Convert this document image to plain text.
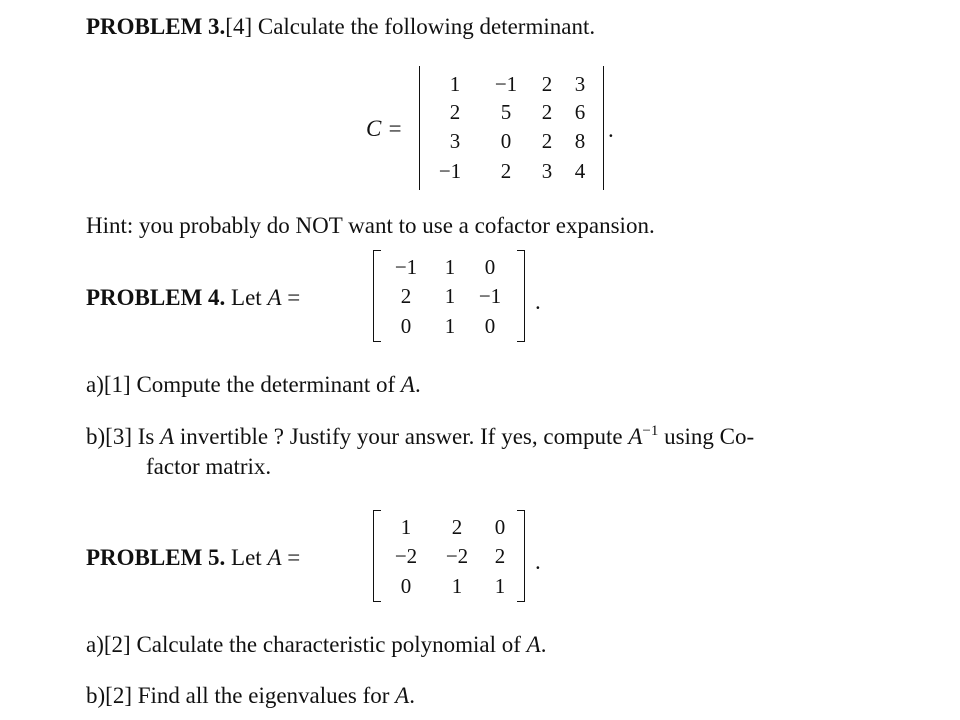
PROBLEM 3.[4] Calculate the following determinant.
C =
1 −1 2 3
2 5 2 6
3 0 2 8
−1 2 3 4
.
Hint: you probably do NOT want to use a cofactor expansion.
PROBLEM 4. Let A =
−1 1 0
2 1 −1
0 1 0
.
a)[1] Compute the determinant of A.
b)[3] Is A invertible ? Justify your answer. If yes, compute $A^{-1}$ using Co-
factor matrix.
PROBLEM 5. Let A =
1 2 0
−2 −2 2
0 1 1
.
a)[2] Calculate the characteristic polynomial of A.
b)[2] Find all the eigenvalues for A.
